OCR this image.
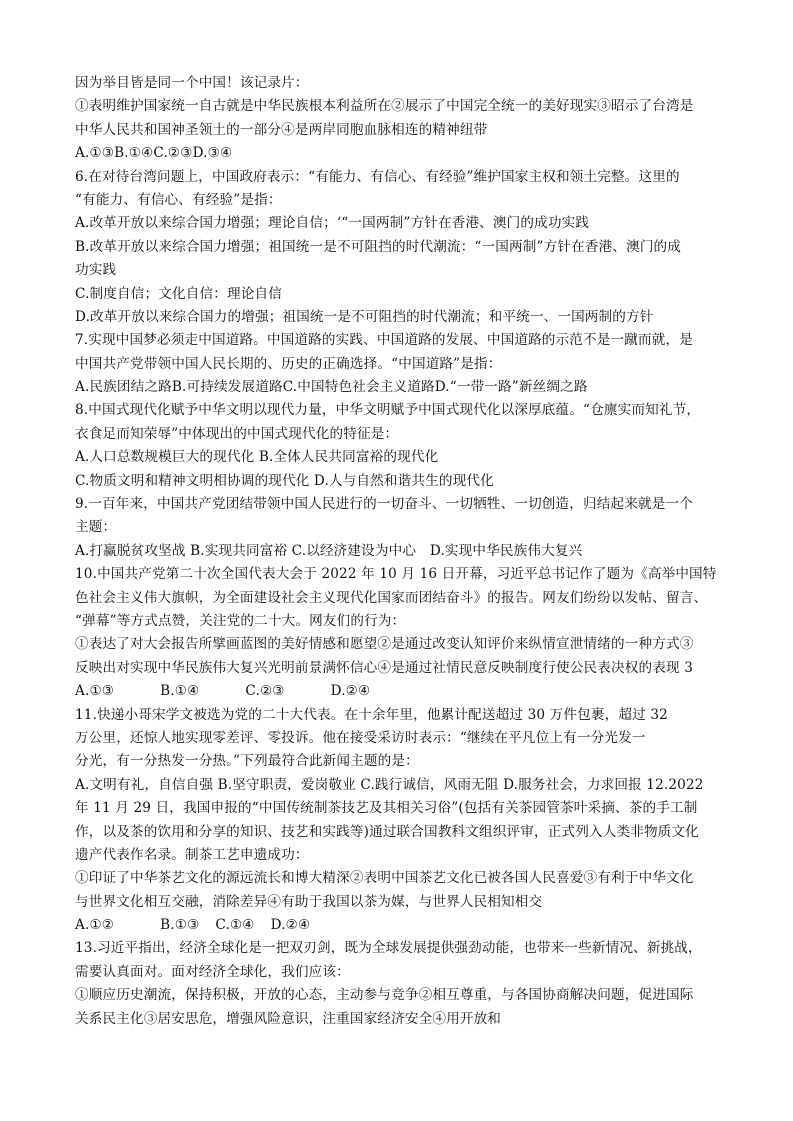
因为举目皆是同一个中国！该记录片：
①表明维护国家统一自古就是中华民族根本利益所在②展示了中国完全统一的美好现实③昭示了台湾是
中华人民共和国神圣领土的一部分④是两岸同胞血脉相连的精神纽带
A.①③B.①④C.②③D.③④
6.在对待台湾问题上，中国政府表示：“有能力、有信心、有经验”维护国家主权和领土完整。这里的
“有能力、有信心、有经验”是指：
A.改革开放以来综合国力增强；理论自信；‘“一国两制”方针在香港、澳门的成功实践
B.改革开放以来综合国力增强；祖国统一是不可阻挡的时代潮流：“一国两制”方针在香港、澳门的成
功实践
C.制度自信；文化自信：理论自信
D.改革开放以来综合国力的增强；祖国统一是不可阻挡的时代潮流；和平统一、一国两制的方针
7.实现中国梦必须走中国道路。中国道路的实践、中国道路的发展、中国道路的示范不是一蹴而就，是
中国共产党带领中国人民长期的、历史的正确选择。“中国道路”是指：
A.民族团结之路B.可持续发展道路C.中国特色社会主义道路D.“一带一路”新丝绸之路
8.中国式现代化赋予中华文明以现代力量，中华文明赋予中国式现代化以深厚底蕴。“仓廪实而知礼节，
衣食足而知荣辱”中体现出的中国式现代化的特征是：
A.人口总数规模巨大的现代化 B.全体人民共同富裕的现代化
C.物质文明和精神文明相协调的现代化 D.人与自然和谐共生的现代化
9.一百年来，中国共产党团结带领中国人民进行的一切奋斗、一切牺牲、一切创造，归结起来就是一个
主题：
A.打赢脱贫攻坚战 B.实现共同富裕 C.以经济建设为中心　D.实现中华民族伟大复兴
10.中国共产党第二十次全国代表大会于 2022 年 10 月 16 日开幕，习近平总书记作了题为《高举中国特
色社会主义伟大旗帜，为全面建设社会主义现代化国家而团结奋斗》的报告。网友们纷纷以发帖、留言、
“弹幕”等方式点赞，关注党的二十大。网友们的行为：
①表达了对大会报告所擘画蓝图的美好情感和愿望②是通过改变认知评价来纵情宣泄情绪的一种方式③
反映出对实现中华民族伟大复兴光明前景满怀信心④是通过社情民意反映制度行使公民表决权的表现 3
A.①③	B.①④	C.②③	D.②④
11.快递小哥宋学文被选为党的二十大代表。在十余年里，他累计配送超过 30 万件包裹，超过 32
万公里，还惊人地实现零差评、零投诉。他在接受采访时表示：“继续在平凡位上有一分光发一
分光，有一分热发一分热。”下列最符合此新闻主题的是：
A.文明有礼，自信自强 B.坚守职责，爱岗敬业 C.践行诚信，风雨无阻 D.服务社会，力求回报 12.2022
年 11 月 29 日，我国申报的“中国传统制茶技艺及其相关习俗”(包括有关茶园管茶叶采摘、茶的手工制
作，以及茶的饮用和分享的知识、技艺和实践等)通过联合国教科文组织评审，正式列入人类非物质文化
遗产代表作名录。制茶工艺申遗成功：
①印证了中华茶艺文化的源远流长和博大精深②表明中国茶艺文化已被各国人民喜爱③有利于中华文化
与世界文化相互交融，消除差异④有助于我国以茶为媒，与世界人民相知相交
A.①②	B.①③ C.①④ D.②④
13.习近平指出，经济全球化是一把双刃剑，既为全球发展提供强劲动能，也带来一些新情况、新挑战，
需要认真面对。面对经济全球化，我们应该：
①顺应历史潮流，保持积极，开放的心态，主动参与竞争②相互尊重，与各国协商解决问题，促进国际
关系民主化③居安思危，增强风险意识，注重国家经济安全④用开放和
